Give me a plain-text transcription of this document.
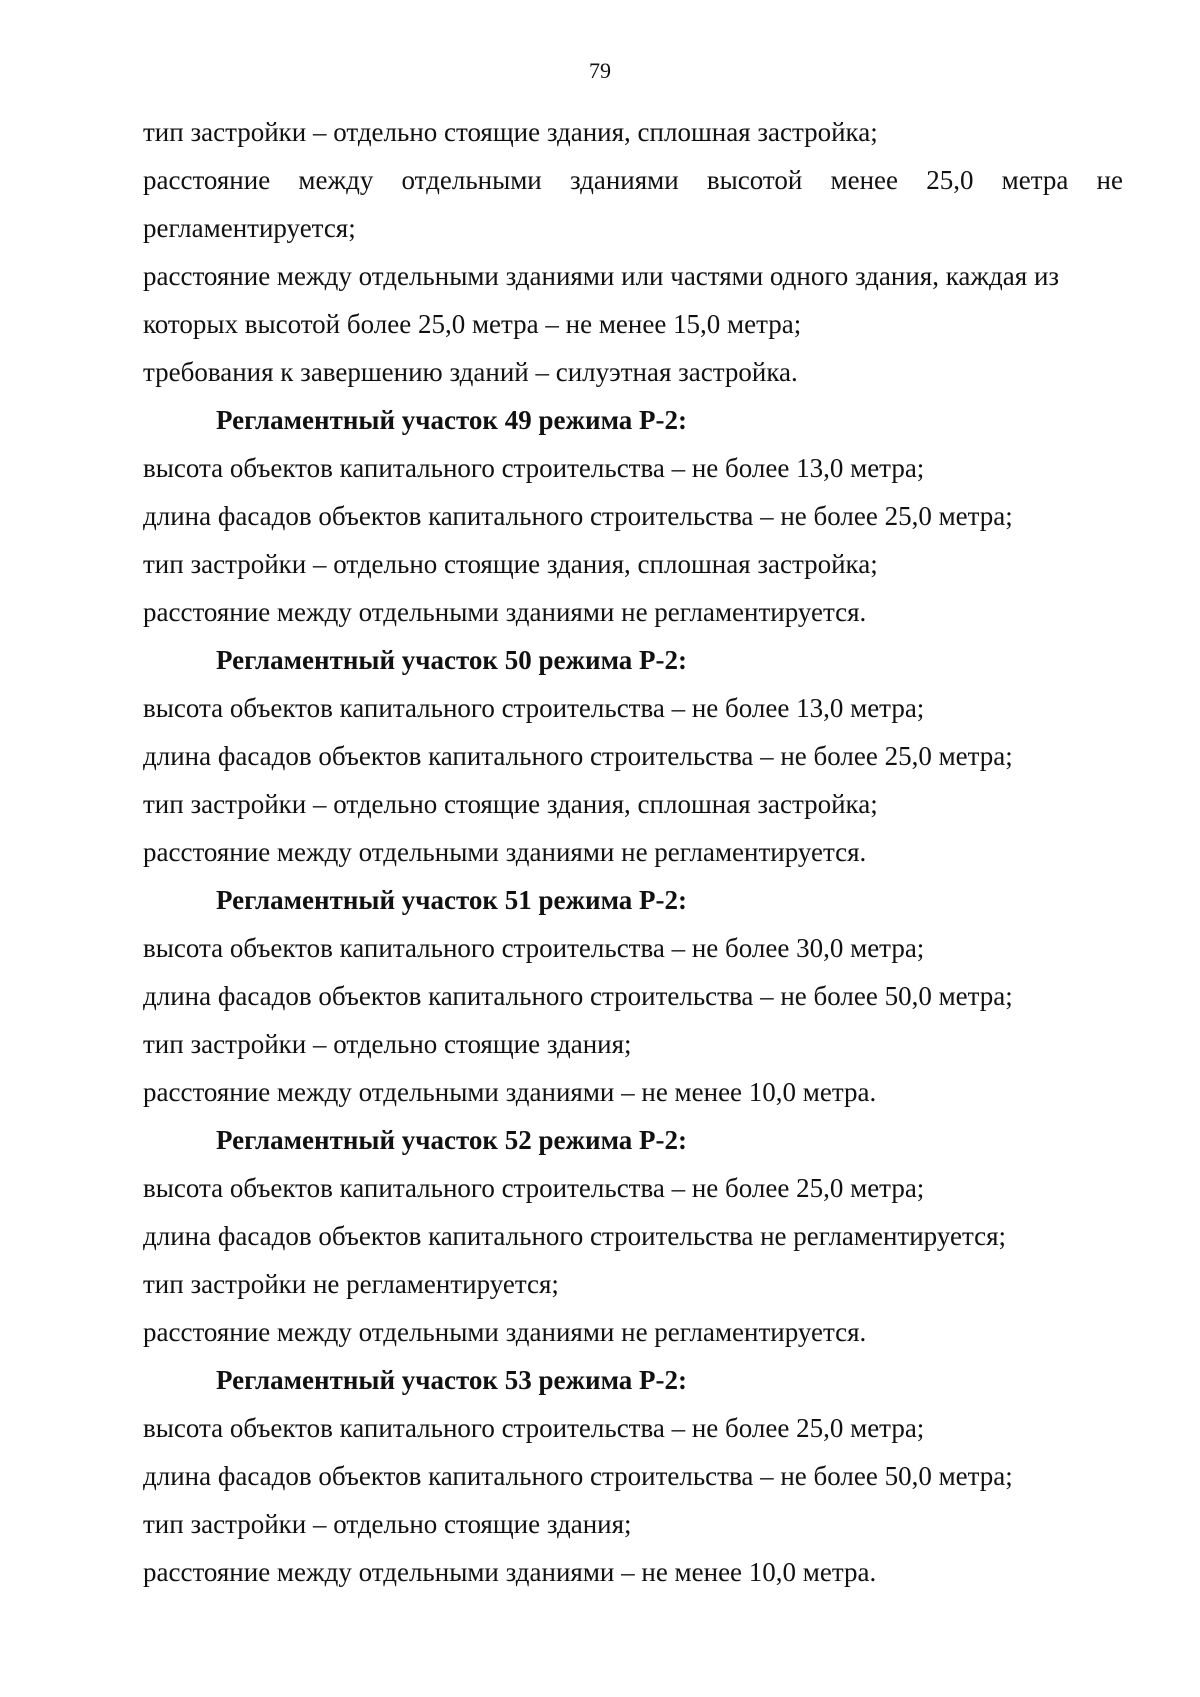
79
тип застройки – отдельно стоящие здания, сплошная застройка;
расстояние между отдельными зданиями высотой менее 25,0 метра не
регламентируется;
расстояние между отдельными зданиями или частями одного здания, каждая из
которых высотой более 25,0 метра – не менее 15,0 метра;
требования к завершению зданий – силуэтная застройка.
Регламентный участок 49 режима Р-2:
высота объектов капитального строительства – не более 13,0 метра;
длина фасадов объектов капитального строительства – не более 25,0 метра;
тип застройки – отдельно стоящие здания, сплошная застройка;
расстояние между отдельными зданиями не регламентируется.
Регламентный участок 50 режима Р-2:
высота объектов капитального строительства – не более 13,0 метра;
длина фасадов объектов капитального строительства – не более 25,0 метра;
тип застройки – отдельно стоящие здания, сплошная застройка;
расстояние между отдельными зданиями не регламентируется.
Регламентный участок 51 режима Р-2:
высота объектов капитального строительства – не более 30,0 метра;
длина фасадов объектов капитального строительства – не более 50,0 метра;
тип застройки – отдельно стоящие здания;
расстояние между отдельными зданиями – не менее 10,0 метра.
Регламентный участок 52 режима Р-2:
высота объектов капитального строительства – не более 25,0 метра;
длина фасадов объектов капитального строительства не регламентируется;
тип застройки не регламентируется;
расстояние между отдельными зданиями не регламентируется.
Регламентный участок 53 режима Р-2:
высота объектов капитального строительства – не более 25,0 метра;
длина фасадов объектов капитального строительства – не более 50,0 метра;
тип застройки – отдельно стоящие здания;
расстояние между отдельными зданиями – не менее 10,0 метра.
